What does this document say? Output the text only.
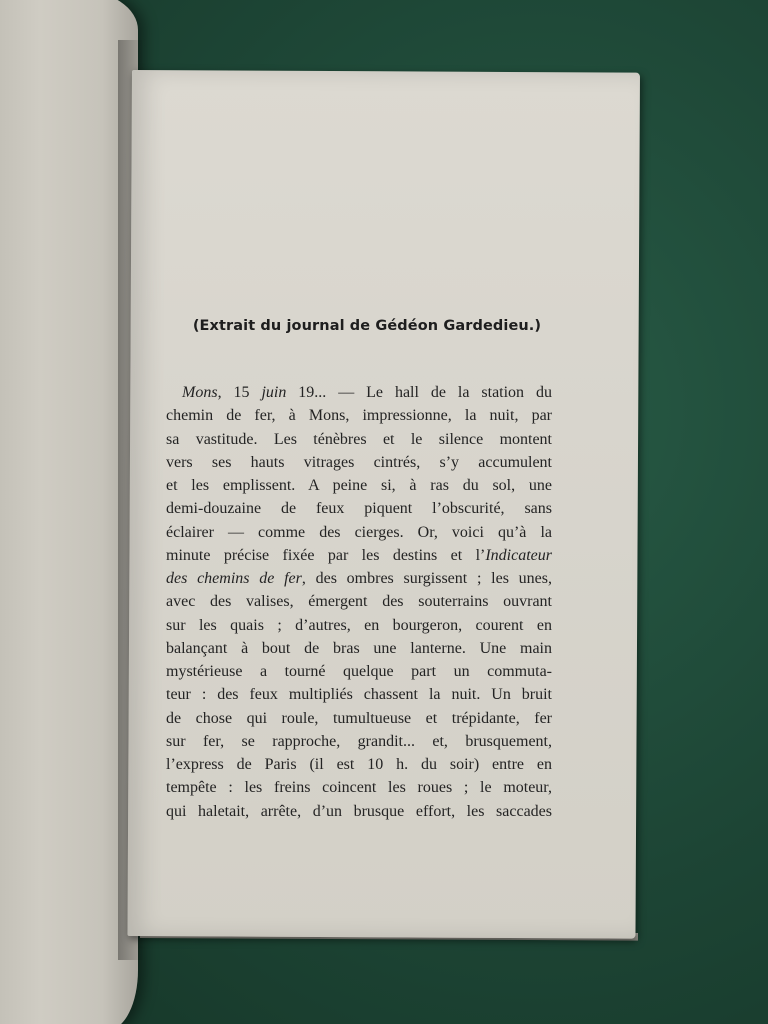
(Extrait du journal de Gédéon Gardedieu.)
Mons, 15 juin 19... — Le hall de la station du
chemin de fer, à Mons, impressionne, la nuit, par
sa vastitude. Les ténèbres et le silence montent
vers ses hauts vitrages cintrés, s’y accumulent
et les emplissent. A peine si, à ras du sol, une
demi-douzaine de feux piquent l’obscurité, sans
éclairer — comme des cierges. Or, voici qu’à la
minute précise fixée par les destins et l’Indicateur
des chemins de fer, des ombres surgissent ; les unes,
avec des valises, émergent des souterrains ouvrant
sur les quais ; d’autres, en bourgeron, courent en
balançant à bout de bras une lanterne. Une main
mystérieuse a tourné quelque part un commuta-
teur : des feux multipliés chassent la nuit. Un bruit
de chose qui roule, tumultueuse et trépidante, fer
sur fer, se rapproche, grandit... et, brusquement,
l’express de Paris (il est 10 h. du soir) entre en
tempête : les freins coincent les roues ; le moteur,
qui haletait, arrête, d’un brusque effort, les saccades
